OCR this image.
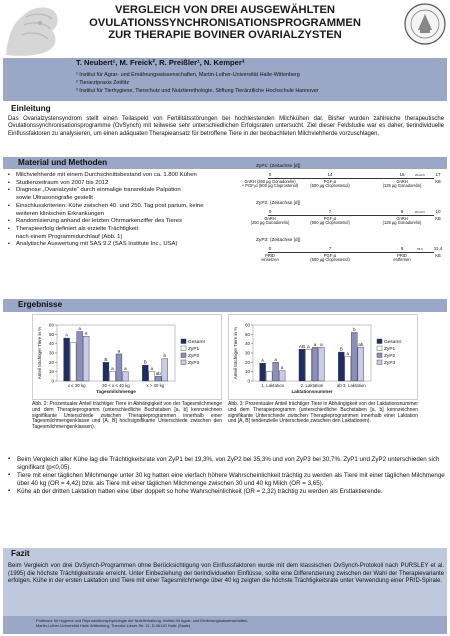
VERGLEICH VON DREI AUSGEWÄHLTEN
OVULATIONSSYNCHRONISATIONSPROGRAMMEN
ZUR THERAPIE BOVINER OVARIALZYSTEN
T. Neubert¹, M. Freick², R. Preißler¹, N. Kemper³
¹ Institut für Agrar- und Ernährungswissenschaften, Martin-Luther-Universität Halle-Wittenberg
² Tierarztpraxis Zettlitz
³ Institut für Tierhygiene, Tierschutz und Nutztierethologie, Stiftung Tierärztliche Hochschule Hannover
Einleitung
Das Ovarialzystensyndrom stellt einen Teilaspekt von Fertilitätsstörungen bei hochleistenden Milchkühen dar. Bisher wurden zahlreiche therapeutische Ovulationssynchronisationsprogramme (OvSynch) mit teilweise sehr unterschiedlichen Erfolgsraten untersucht. Ziel dieser Feldstudie war es daher, tierindividuelle Einflussfaktoren zu analysieren, um einen adäquaten Therapieansatz für betroffene Tiere in der beobachteten Milchviehherde vorzuschlagen.
Material und Methoden
▪ Milchviehherde mit einem Durchschnittsbestand von ca. 1.800 Kühen
▪ Studienzeitraum von 2007 bis 2012
▪ Diagnose „Ovarialzyste“ durch einmalige transrektale Palpation
sowie Ultrasonografie gestellt
▪ Einschlusskriterien: Kühe zwischen 40. und 250. Tag post partum, keine
weiteren klinischen Erkrankungen
▪ Randomisierung anhand der letzten Ohrmarkenziffer des Tieres
▪ Therapieerfolg definiert als erzielte Trächtigkeit
nach einem Programmdurchlauf (Abb. 1)
▪ Analytische Auswertung mit SAS 9.2 (SAS Institute Inc., USA)
ZyP1: (Zeitachse [d])
0
GnRH (250 µg Gonadorelin)
+ PGF₂α (500 µg Cloprostenol)
14
PGF₂α
(500 µg Cloprostenol)
16
GnRH
(125 µg Gonadorelin)
17
KB
20-24 h
ZyP2: (Zeitachse [d])
0
GnRH
(250 µg Gonadorelin)
7
PGF₂α
(500 µg Cloprostenol)
9
GnRH
(125 µg Gonadorelin)
10
KB
20-24 h
ZyP3: (Zeitachse [d])
0
PRID
einsetzen
7
PGF₂α
(500 µg Cloprostenol)
9
PRID
entfernen
11,4
KB
56 h
Ergebnisse
0
10
20
30
40
50
60
Anteil trächtiger Tiere in %	A
a
a
x ≤ 30 kg
B
a
a
a
30 < x ≤ 40 kg
B
a
ab
b
x > 40 kg
Tagesmilchmenge
Gesamt
ZyP1
ZyP2
ZyP3
0
10
20
30
40
50
60
Anteil trächtiger Tiere in %	A a
a
1. Laktation
AB a a a
2. Laktation
B
a
b
ab
ab 3. Laktation
Laktationsnummer
Gesamt
ZyP1
ZyP2
ZyP3
Abb. 2: Prozentualer Anteil trächtiger Tiere in Abhängigkeit von der Tagesmilchmenge und dem Therapieprogramm (unterschiedliche Buchstaben [a, b] kennzeichnen signifikante Unterschiede zwischen Therapieprogrammen innerhalb einer Tagesmilchmengenklasse und [A, B] hochsignifikante Unterschiede zwischen den Tagesmilchmengenklassen).
Abb. 3: Prozentualer Anteil trächtiger Tiere in Abhängigkeit von der Laktationsnummer und dem Therapieprogramm (unterschiedliche Buchstaben [a, b] kennzeichnen signifikante Unterschiede zwischen Therapieprogrammen innerhalb einer Laktation und [A, B] tendenzielle Unterschiede zwischen den Laktationen).
▪ Beim Vergleich aller Kühe lag die Trächtigkeitsrate von ZyP1 bei 19,3%, von ZyP2 bei 35,3% und von ZyP3 bei 30,7%. ZyP1 und ZyP2 unterschieden sich signifikant (p<0,05).
▪ Tiere mit einer täglichen Milchmenge unter 30 kg hatten eine vierfach höhere Wahrscheinlichkeit trächtig zu werden als Tiere mit einer täglichen Milchmenge über 40 kg (OR = 4,42) bzw. als Tiere mit einer täglichen Milchmenge zwischen 30 und 40 kg Milch (OR = 3,65).
▪ Kühe ab der dritten Laktation hatten eine über doppelt so hohe Wahrscheinlichkeit (OR = 2,32) trächtig zu werden als Erstlaktierende.
Fazit
Beim Vergleich von drei OvSynch-Programmen ohne Berücksichtigung von Einflussfaktoren wurde mit dem klassischen OvSynch-Protokoll nach PURSLEY et al. (1995) die höchste Trächtigkeitsrate erreicht. Unter Einbeziehung der tierindividuellen Einflüsse, sollte eine Differenzierung zwischen der Wahl der Therapievariante erfolgen. Kühe in der ersten Laktation und Tiere mit einer Tagesmilchmenge über 40 kg zeigten die höchste Trächtigkeitsrate unter Verwendung einer PRID-Spirale.
Professur für Hygiene und Reproduktionsphysiologie der Nutztierhaltung, Institut für Agrar- und Ernährungswissenschaften,
Martin-Luther-Universität Halle-Wittenberg, Theodor-Lieser-Str. 11, D-06120 Halle (Saale)
